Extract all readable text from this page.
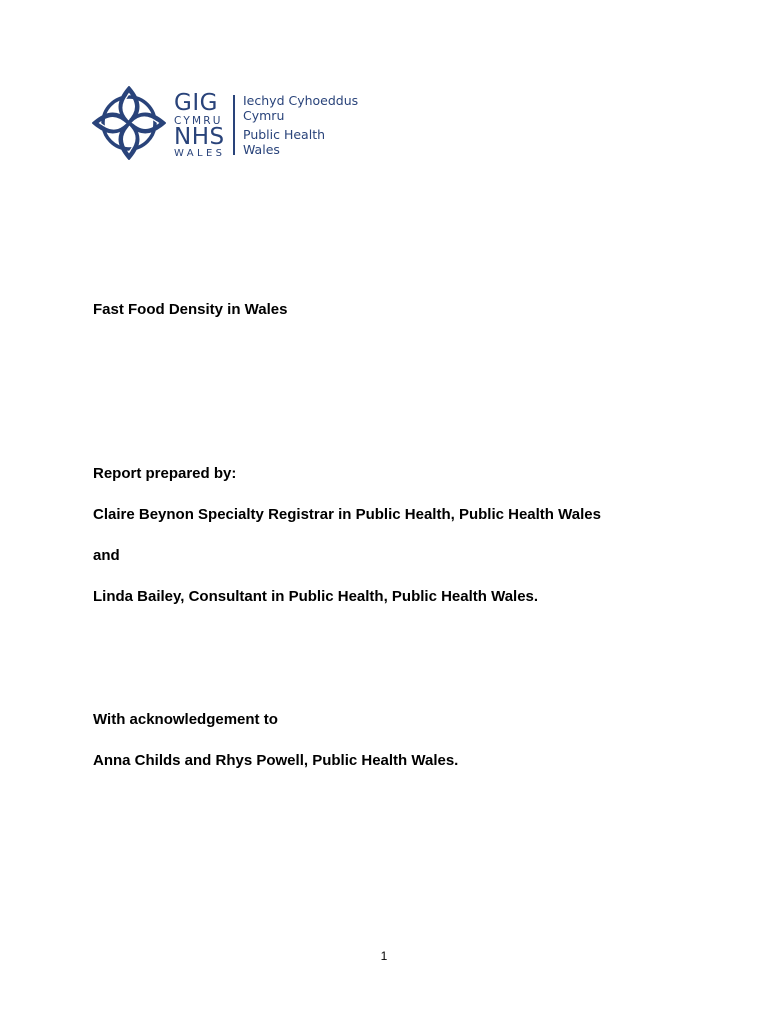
GIG
CYMRU
NHS
WALES
Iechyd Cyhoeddus
Cymru
Public Health
Wales
Fast Food Density in Wales
Report prepared by:
Claire Beynon Specialty Registrar in Public Health, Public Health Wales
and
Linda Bailey, Consultant in Public Health, Public Health Wales.
With acknowledgement to
Anna Childs and Rhys Powell, Public Health Wales.
1
